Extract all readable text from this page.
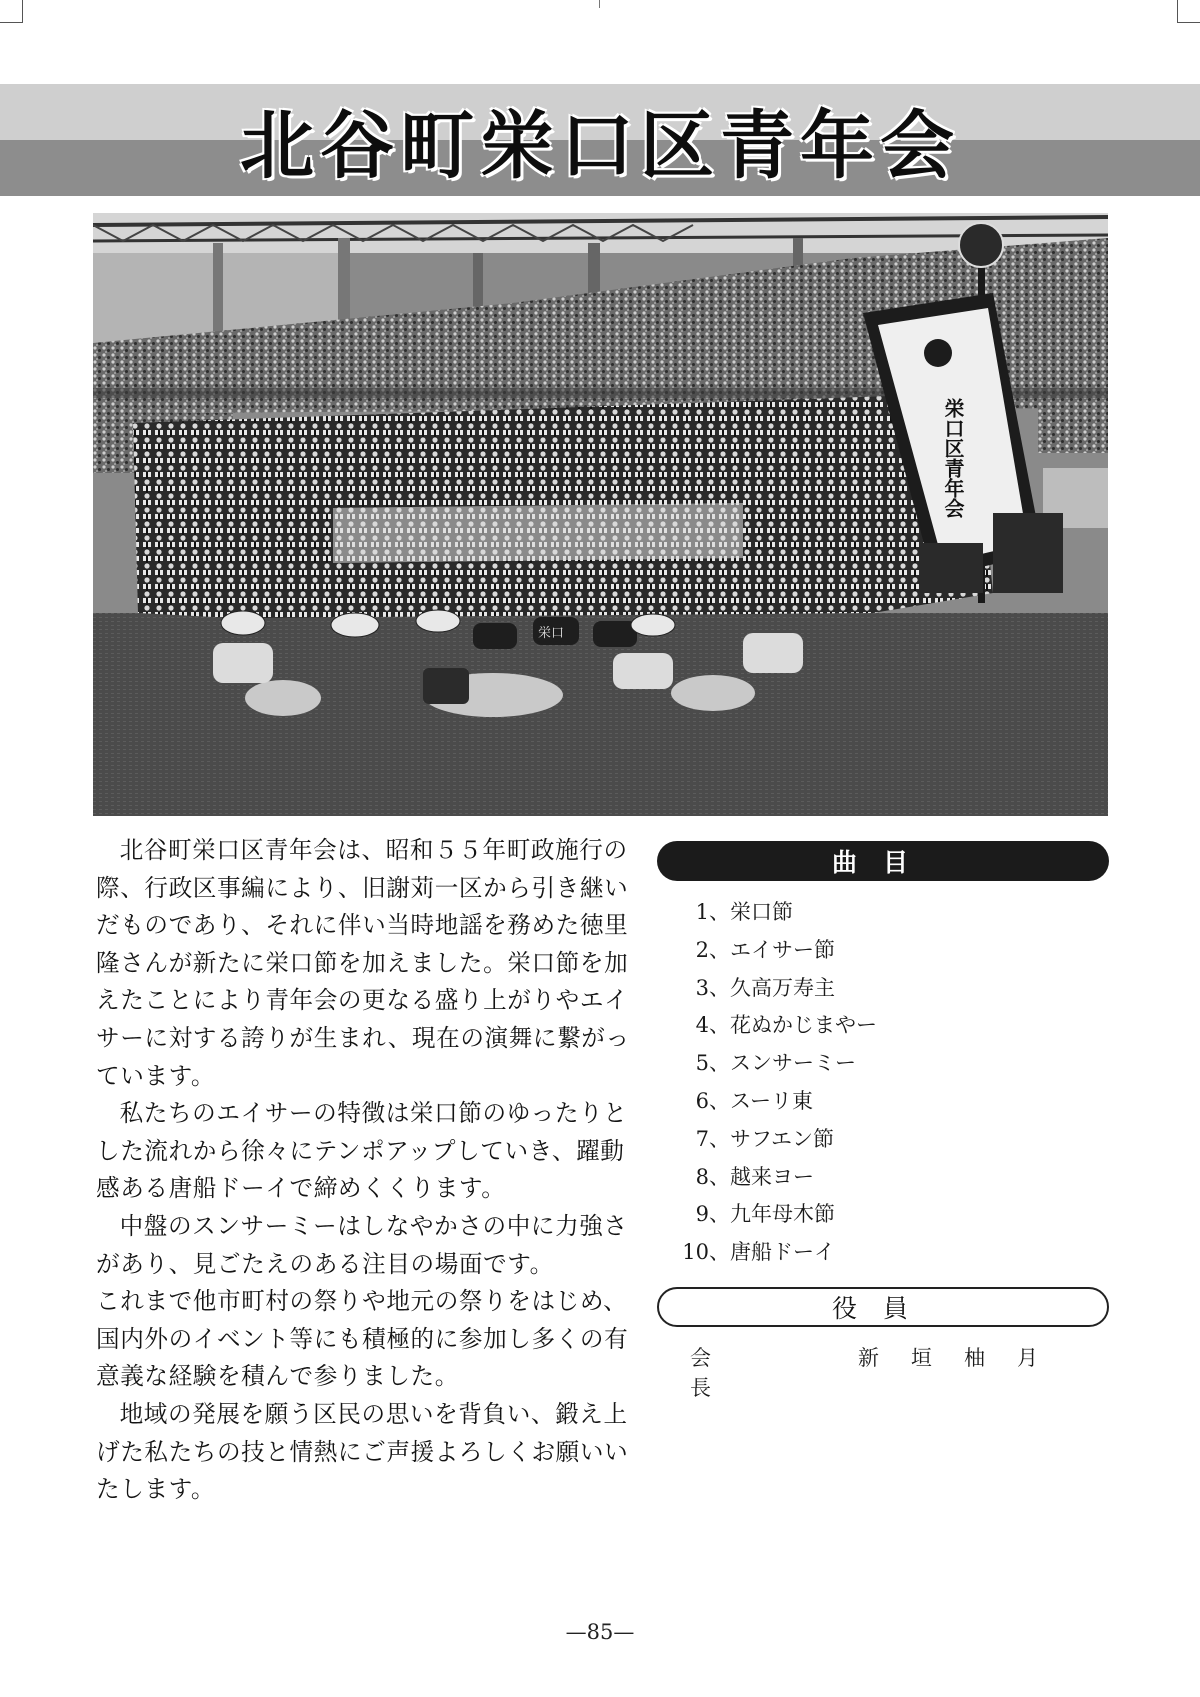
北谷町栄口区青年会
栄口
栄口区青年会

北谷町栄口区青年会は、昭和５５年町政施行の際、行政区事編により、旧謝苅一区から引き継いだものであり、それに伴い当時地謡を務めた徳里隆さんが新たに栄口節を加えました。栄口節を加えたことにより青年会の更なる盛り上がりやエイサーに対する誇りが生まれ、現在の演舞に繋がっています。

私たちのエイサーの特徴は栄口節のゆったりとした流れから徐々にテンポアップしていき、躍動感ある唐船ドーイで締めくくります。

中盤のスンサーミーはしなやかさの中に力強さがあり、見ごたえのある注目の場面です。

これまで他市町村の祭りや地元の祭りをはじめ、国内外のイベント等にも積極的に参加し多くの有意義な経験を積んで参りました。

地域の発展を願う区民の思いを背負い、鍛え上げた私たちの技と情熱にご声援よろしくお願いいたします。

曲目
1、 栄口節
2、 エイサー節
3、 久高万寿主
4、 花ぬかじまやー
5、 スンサーミー
6、 スーリ東
7、 サフエン節
8、 越来ヨー
9、 九年母木節
10、 唐船ドーイ
役員
会長
新垣柚月
—85—
